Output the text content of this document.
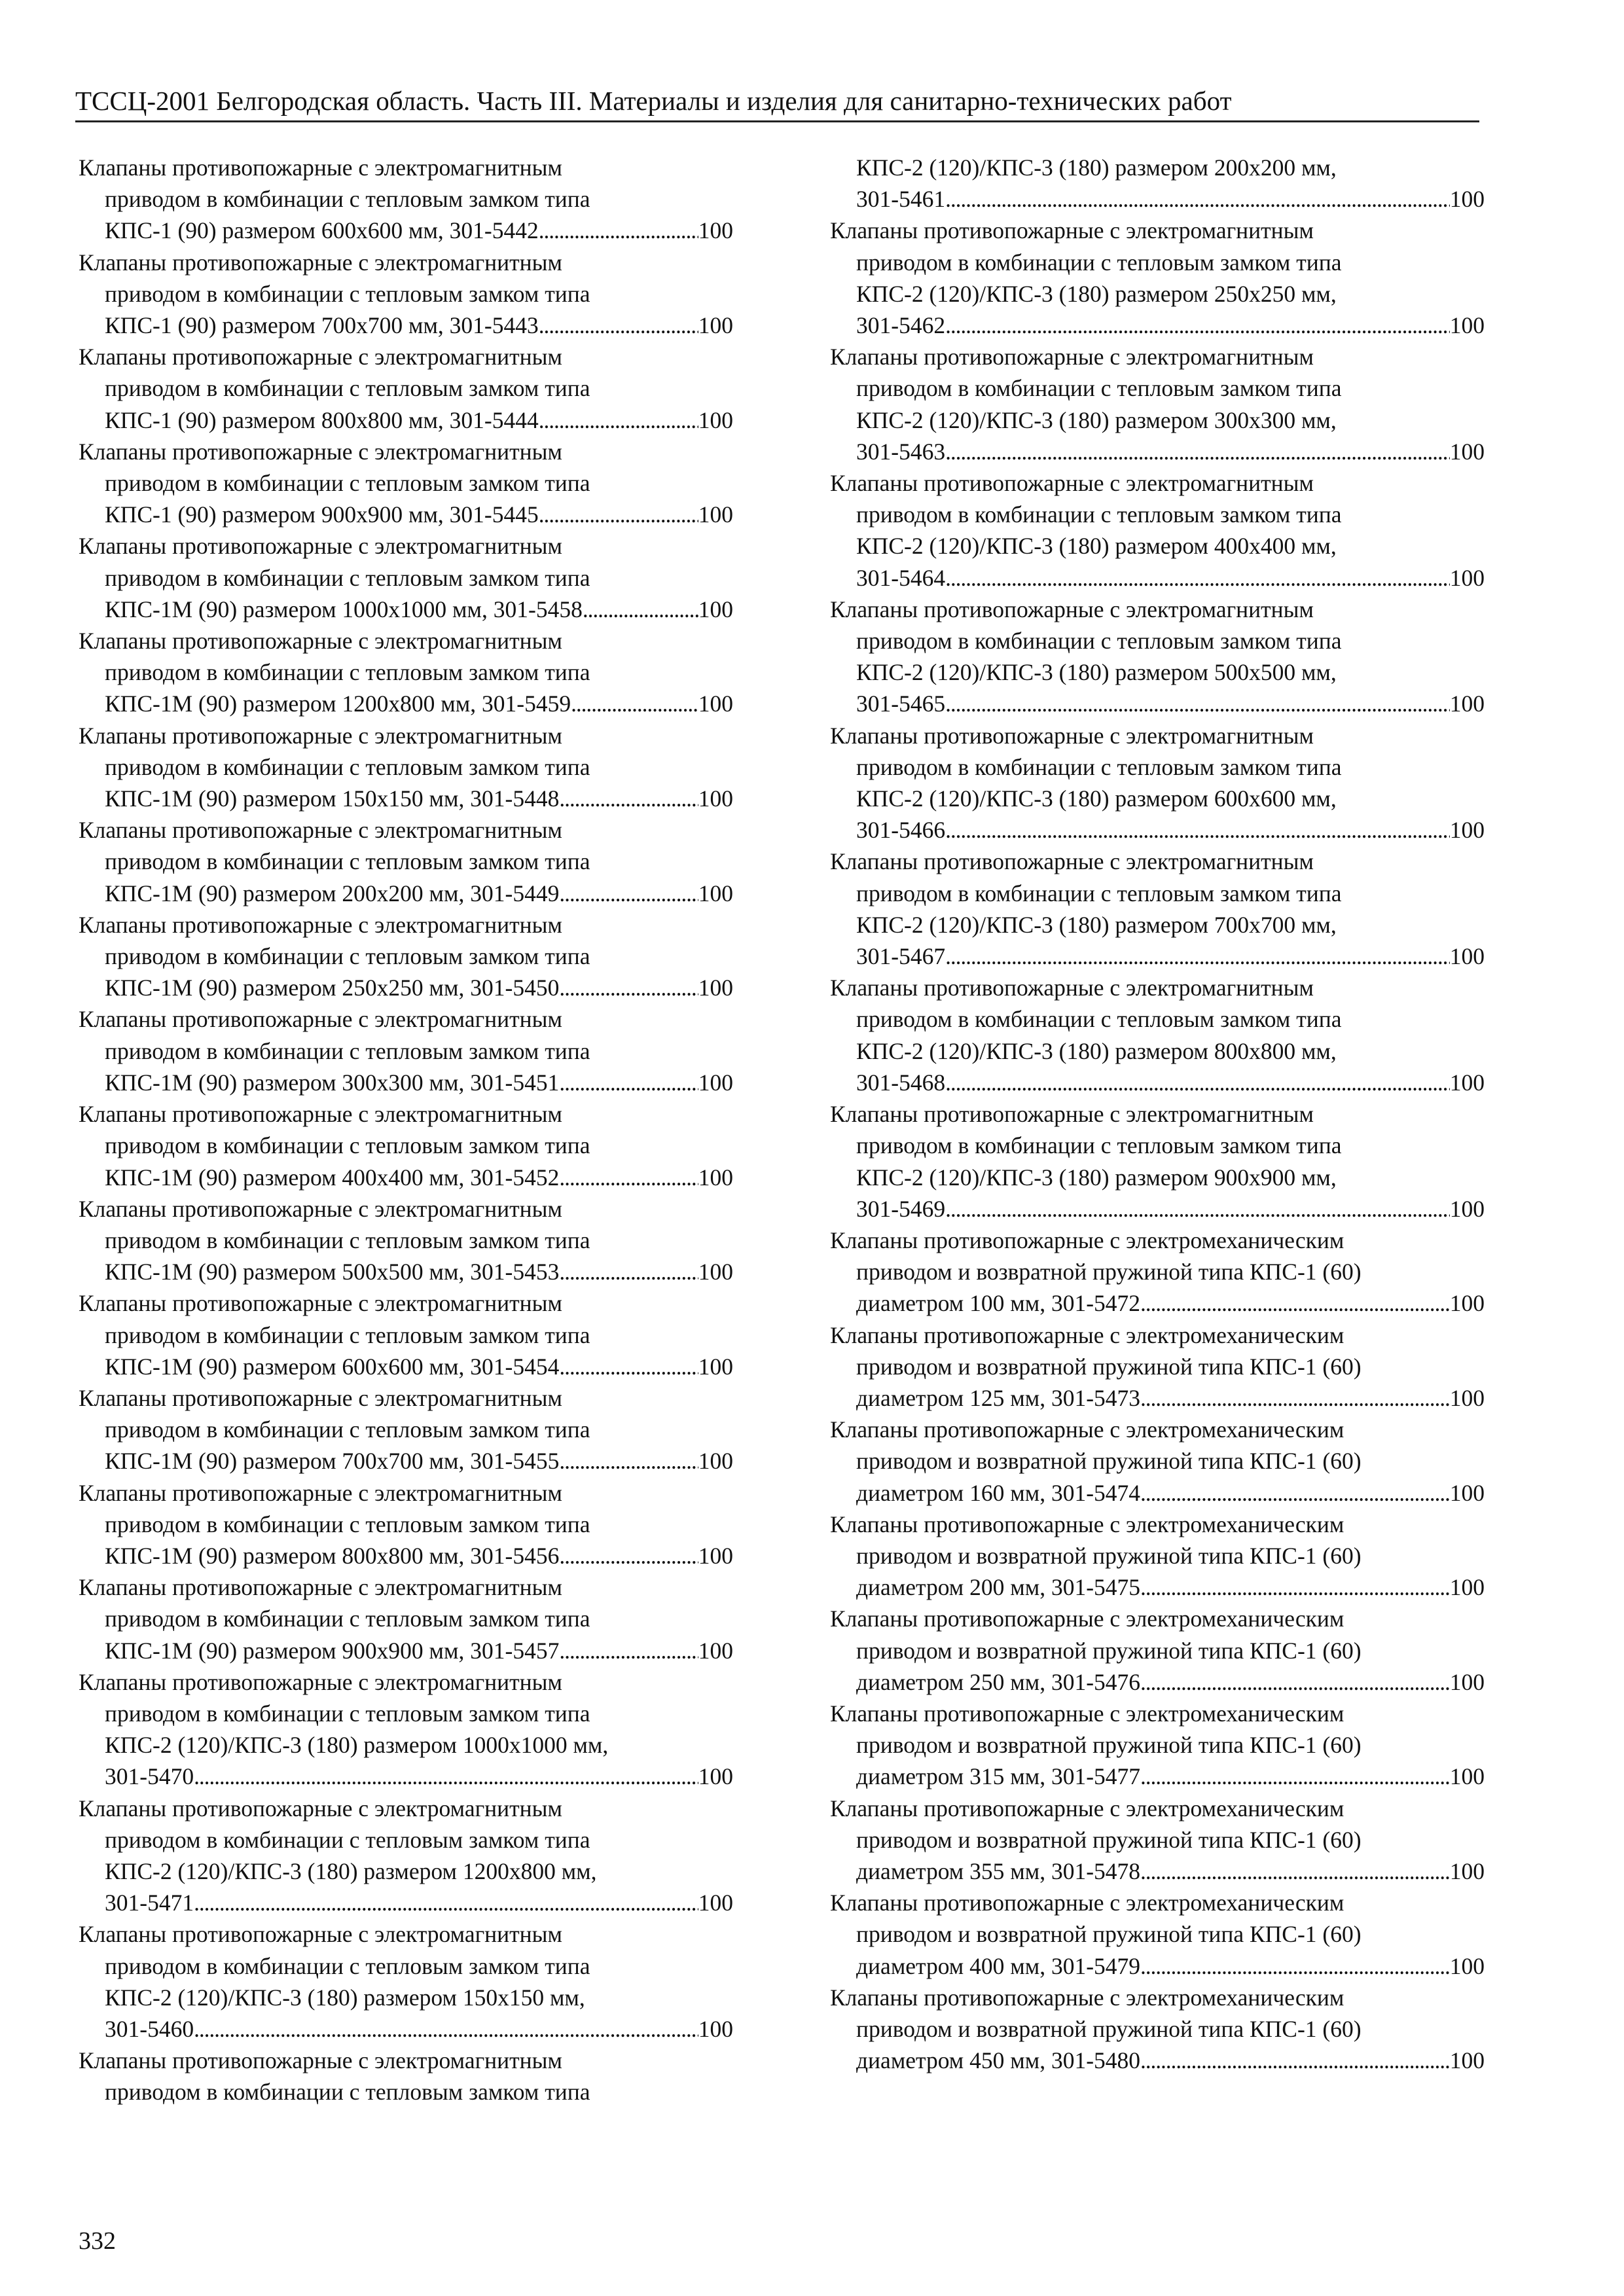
ТССЦ-2001 Белгородская область. Часть III. Материалы и изделия для санитарно-технических работ
Клапаны противопожарные с электромагнитным
приводом в комбинации с тепловым замком типа
КПС-1 (90) размером 600х600 мм, 301-5442 . . .	100
Клапаны противопожарные с электромагнитным
приводом в комбинации с тепловым замком типа
КПС-1 (90) размером 700х700 мм, 301-5443 . . .	100
Клапаны противопожарные с электромагнитным
приводом в комбинации с тепловым замком типа
КПС-1 (90) размером 800х800 мм, 301-5444 . . .	100
Клапаны противопожарные с электромагнитным
приводом в комбинации с тепловым замком типа
КПС-1 (90) размером 900х900 мм, 301-5445 . . .	100
Клапаны противопожарные с электромагнитным
приводом в комбинации с тепловым замком типа
КПС-1М (90) размером 1000х1000 мм, 301-5458 . . .	100
Клапаны противопожарные с электромагнитным
приводом в комбинации с тепловым замком типа
КПС-1М (90) размером 1200х800 мм, 301-5459 . . .	100
Клапаны противопожарные с электромагнитным
приводом в комбинации с тепловым замком типа
КПС-1М (90) размером 150х150 мм, 301-5448 . . .	100
Клапаны противопожарные с электромагнитным
приводом в комбинации с тепловым замком типа
КПС-1М (90) размером 200х200 мм, 301-5449 . . .	100
Клапаны противопожарные с электромагнитным
приводом в комбинации с тепловым замком типа
КПС-1М (90) размером 250х250 мм, 301-5450 . . .	100
Клапаны противопожарные с электромагнитным
приводом в комбинации с тепловым замком типа
КПС-1М (90) размером 300х300 мм, 301-5451 . . .	100
Клапаны противопожарные с электромагнитным
приводом в комбинации с тепловым замком типа
КПС-1М (90) размером 400х400 мм, 301-5452 . . .	100
Клапаны противопожарные с электромагнитным
приводом в комбинации с тепловым замком типа
КПС-1М (90) размером 500х500 мм, 301-5453 . . .	100
Клапаны противопожарные с электромагнитным
приводом в комбинации с тепловым замком типа
КПС-1М (90) размером 600х600 мм, 301-5454 . . .	100
Клапаны противопожарные с электромагнитным
приводом в комбинации с тепловым замком типа
КПС-1М (90) размером 700х700 мм, 301-5455 . . .	100
Клапаны противопожарные с электромагнитным
приводом в комбинации с тепловым замком типа
КПС-1М (90) размером 800х800 мм, 301-5456 . . .	100
Клапаны противопожарные с электромагнитным
приводом в комбинации с тепловым замком типа
КПС-1М (90) размером 900х900 мм, 301-5457 . . .	100
Клапаны противопожарные с электромагнитным
приводом в комбинации с тепловым замком типа
КПС-2 (120)/КПС-3 (180) размером 1000х1000 мм,
301-5470 . . .	100
Клапаны противопожарные с электромагнитным
приводом в комбинации с тепловым замком типа
КПС-2 (120)/КПС-3 (180) размером 1200х800 мм,
301-5471 . . .	100
Клапаны противопожарные с электромагнитным
приводом в комбинации с тепловым замком типа
КПС-2 (120)/КПС-3 (180) размером 150х150 мм,
301-5460 . . .	100
Клапаны противопожарные с электромагнитным
приводом в комбинации с тепловым замком типа
КПС-2 (120)/КПС-3 (180) размером 200х200 мм,
301-5461 . . .	100
Клапаны противопожарные с электромагнитным
приводом в комбинации с тепловым замком типа
КПС-2 (120)/КПС-3 (180) размером 250х250 мм,
301-5462 . . .	100
Клапаны противопожарные с электромагнитным
приводом в комбинации с тепловым замком типа
КПС-2 (120)/КПС-3 (180) размером 300х300 мм,
301-5463 . . .	100
Клапаны противопожарные с электромагнитным
приводом в комбинации с тепловым замком типа
КПС-2 (120)/КПС-3 (180) размером 400х400 мм,
301-5464 . . .	100
Клапаны противопожарные с электромагнитным
приводом в комбинации с тепловым замком типа
КПС-2 (120)/КПС-3 (180) размером 500х500 мм,
301-5465 . . .	100
Клапаны противопожарные с электромагнитным
приводом в комбинации с тепловым замком типа
КПС-2 (120)/КПС-3 (180) размером 600х600 мм,
301-5466 . . .	100
Клапаны противопожарные с электромагнитным
приводом в комбинации с тепловым замком типа
КПС-2 (120)/КПС-3 (180) размером 700х700 мм,
301-5467 . . .	100
Клапаны противопожарные с электромагнитным
приводом в комбинации с тепловым замком типа
КПС-2 (120)/КПС-3 (180) размером 800х800 мм,
301-5468 . . .	100
Клапаны противопожарные с электромагнитным
приводом в комбинации с тепловым замком типа
КПС-2 (120)/КПС-3 (180) размером 900х900 мм,
301-5469 . . .	100
Клапаны противопожарные с электромеханическим
приводом и возвратной пружиной типа КПС-1 (60)
диаметром 100 мм, 301-5472 . . .	100
Клапаны противопожарные с электромеханическим
приводом и возвратной пружиной типа КПС-1 (60)
диаметром 125 мм, 301-5473 . . .	100
Клапаны противопожарные с электромеханическим
приводом и возвратной пружиной типа КПС-1 (60)
диаметром 160 мм, 301-5474 . . .	100
Клапаны противопожарные с электромеханическим
приводом и возвратной пружиной типа КПС-1 (60)
диаметром 200 мм, 301-5475 . . .	100
Клапаны противопожарные с электромеханическим
приводом и возвратной пружиной типа КПС-1 (60)
диаметром 250 мм, 301-5476 . . .	100
Клапаны противопожарные с электромеханическим
приводом и возвратной пружиной типа КПС-1 (60)
диаметром 315 мм, 301-5477 . . .	100
Клапаны противопожарные с электромеханическим
приводом и возвратной пружиной типа КПС-1 (60)
диаметром 355 мм, 301-5478 . . .	100
Клапаны противопожарные с электромеханическим
приводом и возвратной пружиной типа КПС-1 (60)
диаметром 400 мм, 301-5479 . . .	100
Клапаны противопожарные с электромеханическим
приводом и возвратной пружиной типа КПС-1 (60)
диаметром 450 мм, 301-5480 . . .	100
332
